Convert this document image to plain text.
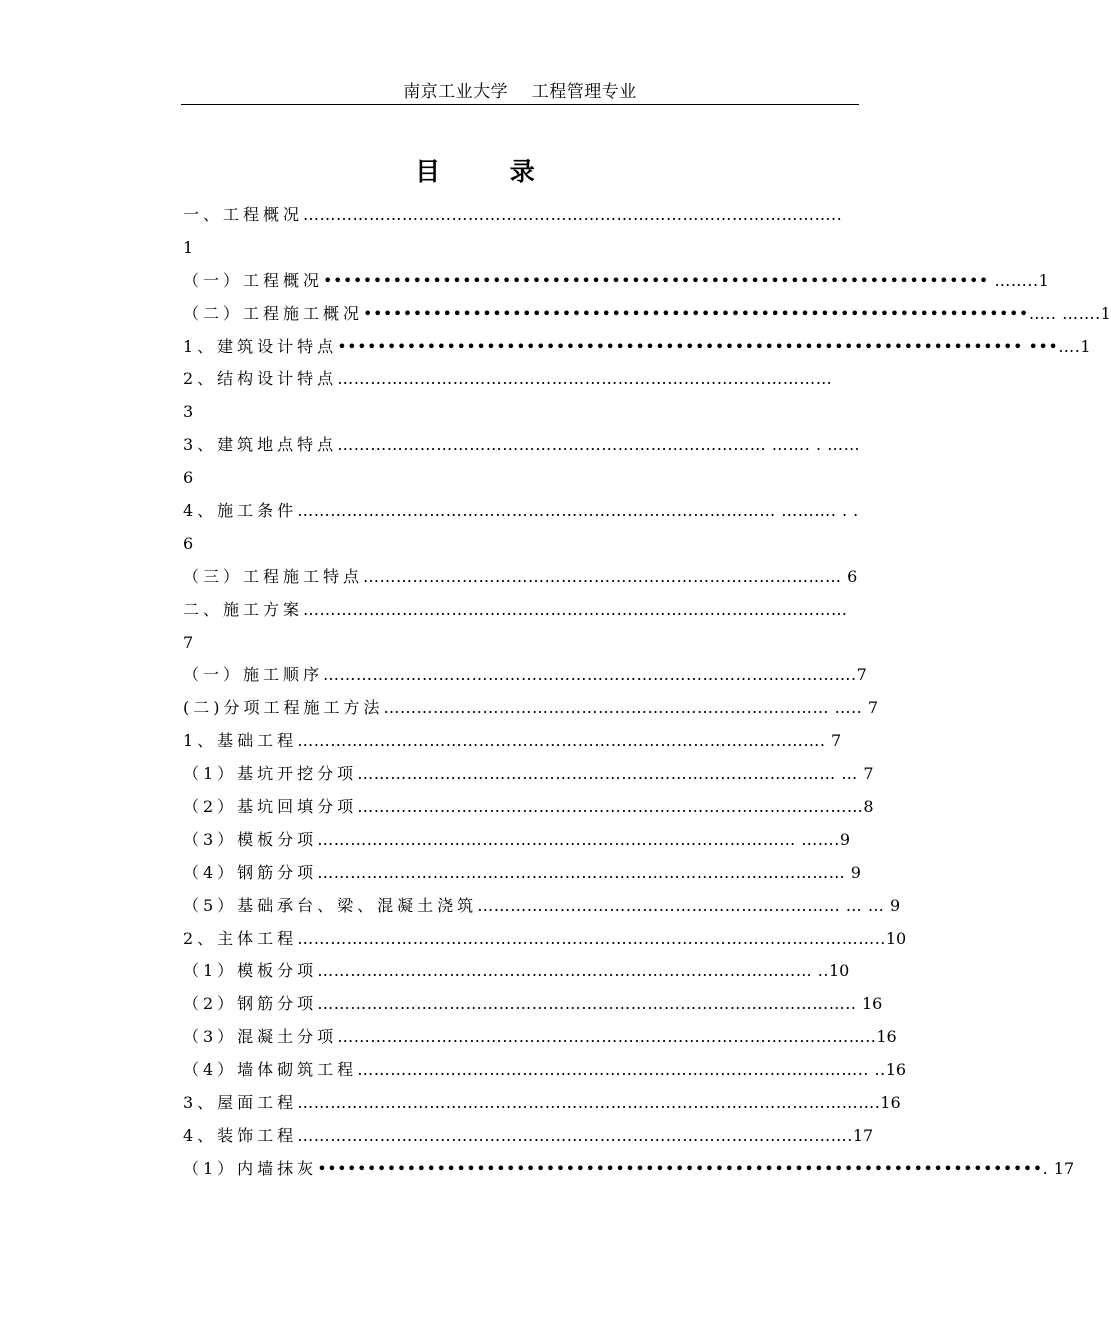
南京工业大学    工程管理专业
目        录
一、工程概况……………………………………………………………………………………..
1
（一）工程概况••••••••••••••••••••••••••••••••••••••••••••••••••••••••••••••••••• ……..1
（二）工程施工概况•••••••••••••••••••••••••••••••••••••••••••••••••••••••••••••••••••….. …….1
1、建筑设计特点••••••••••••••••••••••••••••••••••••••••••••••••••••••••••••••••••••• •••….1
2、结构设计特点………………………………………………………………………………
3
3、建筑地点特点…………………………………………………………………… ……. . ……
6
4、施工条件…………………………………………………………………………… ………. . .
6
（三）工程施工特点…………………………………………………………………………… 6
二、施工方案………………………………………………………………………………………
7
（一）施工顺序…………………………………………………………………………………….7
(二)分项工程施工方法……………………………………………………………………… ….. 7
1、基础工程……………………………………………………………………………..……. 7
（1）基坑开挖分项…………………………………………………………………………… … 7
（2）基坑回填分项…………………………………………………………………………..……8
（3）模板分项…………………………………………………………………………… …….9
（4）钢筋分项…………………………………………………………………………………… 9
（5）基础承台、梁、混凝土浇筑………………………………………………………… … … 9
2、主体工程……………………………………………………………………………………………..10
（1）模板分项……………………………………………………………………………… ..10
（2）钢筋分项…………………………………………………………………………………….. 16
（3）混凝土分项……………………………………………………………………………………..16
（4）墙体砌筑工程…………………………………………………………………….………….. ..16
3、屋面工程…………………………………………………………………………………………….16
4、装饰工程…………………….………………………………………………………………….17
（1）内墙抹灰•••••••••••••••••••••••••••••••••••••••••••••••••••••••••••••••••••••••••. 17
